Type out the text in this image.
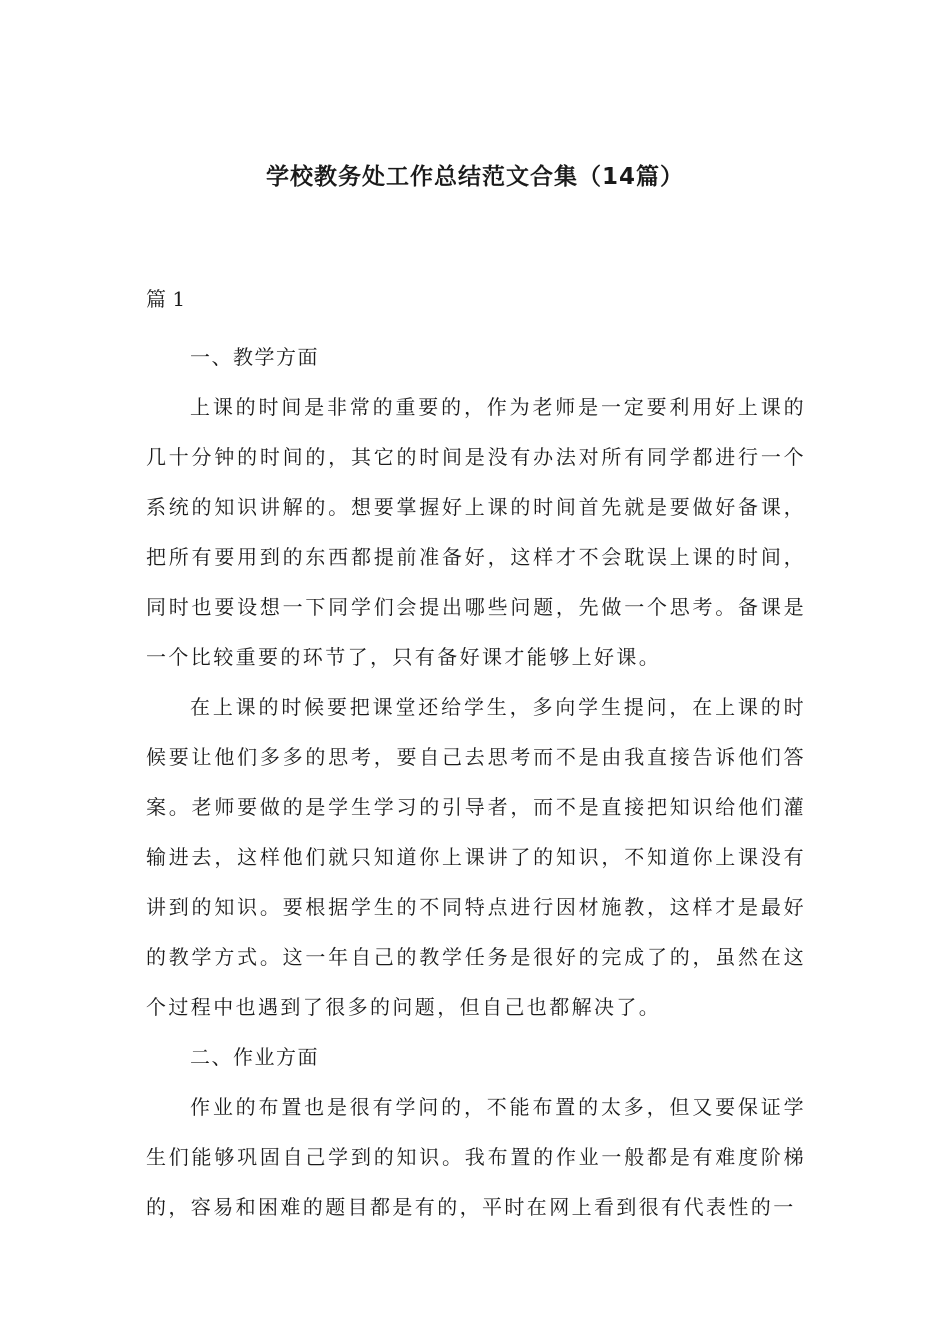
学校教务处工作总结范文合集（14篇）
篇 1

一、教学方面

上课的时间是非常的重要的，作为老师是一定要利用好上课的几十分钟的时间的，其它的时间是没有办法对所有同学都进行一个系统的知识讲解的。想要掌握好上课的时间首先就是要做好备课，把所有要用到的东西都提前准备好，这样才不会耽误上课的时间，同时也要设想一下同学们会提出哪些问题，先做一个思考。备课是一个比较重要的环节了，只有备好课才能够上好课。

在上课的时候要把课堂还给学生，多向学生提问，在上课的时候要让他们多多的思考，要自己去思考而不是由我直接告诉他们答案。老师要做的是学生学习的引导者，而不是直接把知识给他们灌输进去，这样他们就只知道你上课讲了的知识，不知道你上课没有讲到的知识。要根据学生的不同特点进行因材施教，这样才是最好的教学方式。这一年自己的教学任务是很好的完成了的，虽然在这个过程中也遇到了很多的问题，但自己也都解决了。

二、作业方面

作业的布置也是很有学问的，不能布置的太多，但又要保证学生们能够巩固自己学到的知识。我布置的作业一般都是有难度阶梯的，容易和困难的题目都是有的，平时在网上看到很有代表性的一
